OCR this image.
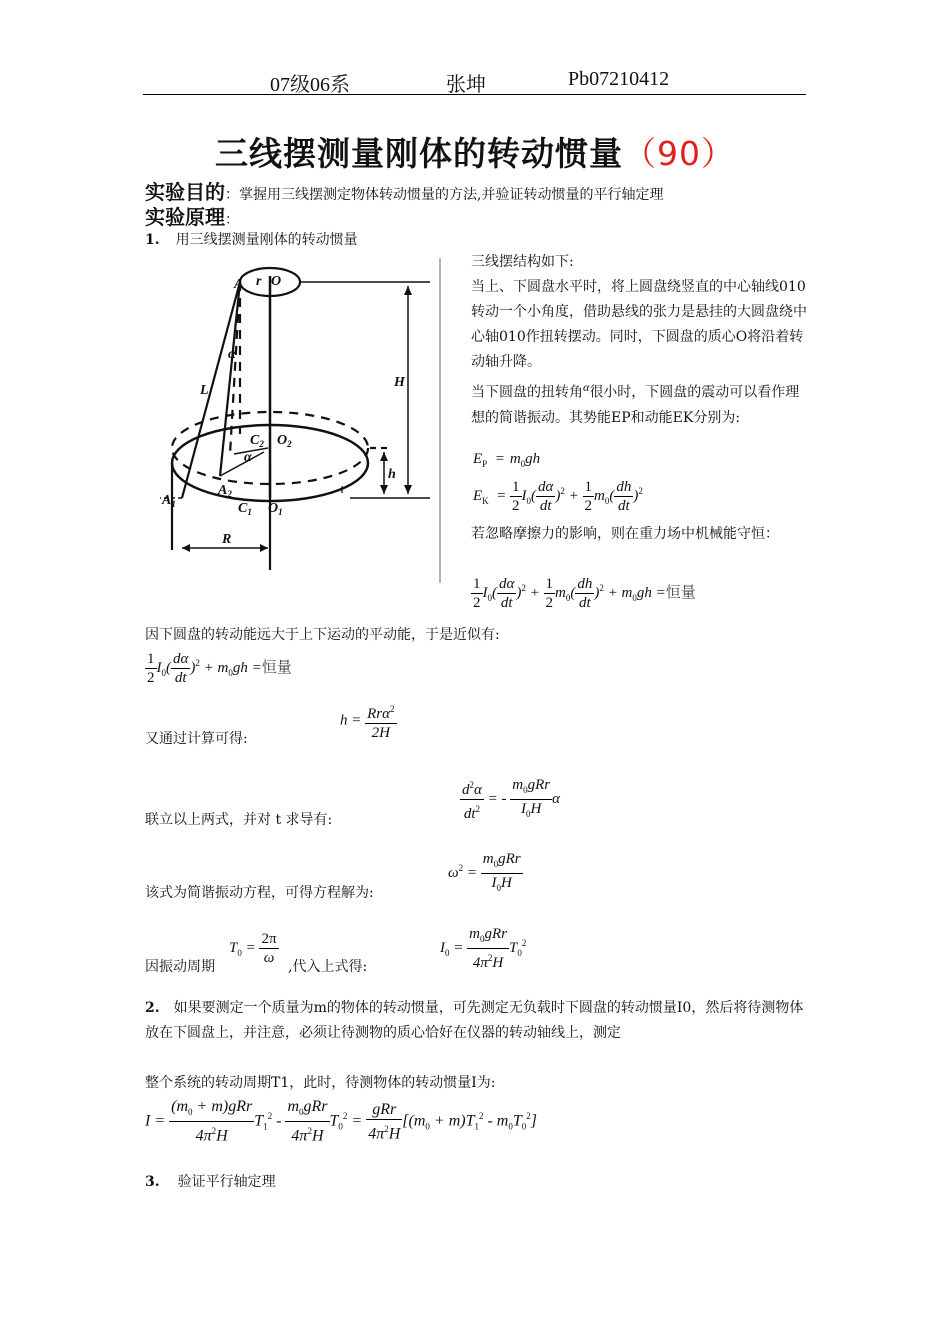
07级06系	张坤	Pb07210412
三线摆测量刚体的转动惯量（90）
实验目的：掌握用三线摆测定物体转动惯量的方法,并验证转动惯量的平行轴定理
实验原理：
1. 用三线摆测量刚体的转动惯量
A r O
L
α
H
$C_2$ $O_2$
α
h
$A_2$
$A_1$	$C_1$ $O_1$
R
三线摆结构如下:
当上、下圆盘水平时，将上圆盘绕竖直的中心轴线010转动一个小角度，借助悬线的张力是悬挂的大圆盘绕中心轴010作扭转摆动。同时，下圆盘的质心O将沿着转动轴升降。
当下圆盘的扭转角α很小时，下圆盘的震动可以看作理想的简谐振动。其势能EP和动能EK分别为:
$E_P = m_0gh$
$E_K = \frac{1}{2} I_0( \frac{d\alpha}{dt} )^2 + \frac{1}{2} m_0( \frac{dh}{dt} )^2$
若忽略摩擦力的影响，则在重力场中机械能守恒：
$\frac{1}{2} I_0( \frac{d\alpha}{dt} )^2 + \frac{1}{2} m_0( \frac{dh}{dt} )^2 + m_0gh$ =恒量
因下圆盘的转动能远大于上下运动的平动能，于是近似有:
$\frac{1}{2} I_0( \frac{d\alpha}{dt} )^2 + m_0gh$ =恒量
$h = \frac{Rr\alpha^2}{2H}$
又通过计算可得:
$\frac{d^2\alpha}{dt^2}$ = - $\frac{m_0gRr}{I_0H}$ α
联立以上两式，并对 t 求导有:
$\omega^2 = \frac{m_0gRr}{I_0H}$
该式为简谐振动方程，可得方程解为:
因振动周期
$T_0 = \frac{2\pi}{\omega}$ ,代入上式得:
$I_0 = \frac{m_0gRr}{4\pi^2H} T_0^2$
2. 如果要测定一个质量为m的物体的转动惯量，可先测定无负载时下圆盘的转动惯量I0，然后将待测物体放在下圆盘上，并注意，必须让待测物的质心恰好在仪器的转动轴线上，测定
整个系统的转动周期T1，此时，待测物体的转动惯量I为:
$I = \frac{(m_0 + m)gRr}{4\pi^2H} T_1^2 - \frac{m_0gRr}{4\pi^2H} T_0^2 = \frac{\text{gRr}}{4\pi^2H} [(m_0 + m)T_1^2 - m_0T_0^2]$
3. 验证平行轴定理
